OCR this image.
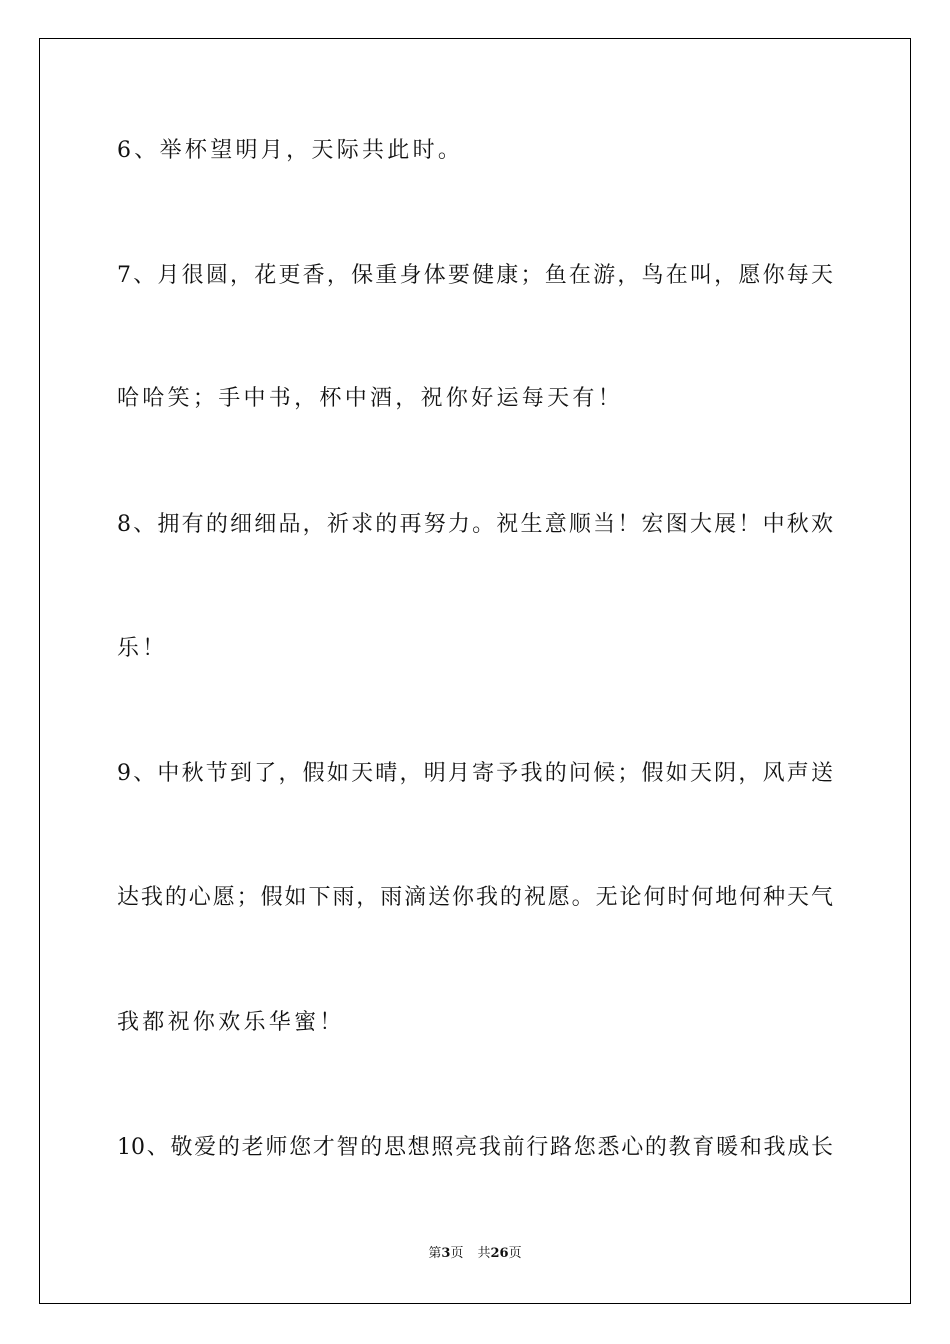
6、举杯望明月，天际共此时。
7、月很圆，花更香，保重身体要健康；鱼在游，鸟在叫，愿你每天
哈哈笑；手中书，杯中酒，祝你好运每天有！
8、拥有的细细品，祈求的再努力。祝生意顺当！宏图大展！中秋欢
乐！
9、中秋节到了，假如天晴，明月寄予我的问候；假如天阴，风声送
达我的心愿；假如下雨，雨滴送你我的祝愿。无论何时何地何种天气
我都祝你欢乐华蜜！
10、敬爱的老师您才智的思想照亮我前行路您悉心的教育暖和我成长
第3页 共26页
